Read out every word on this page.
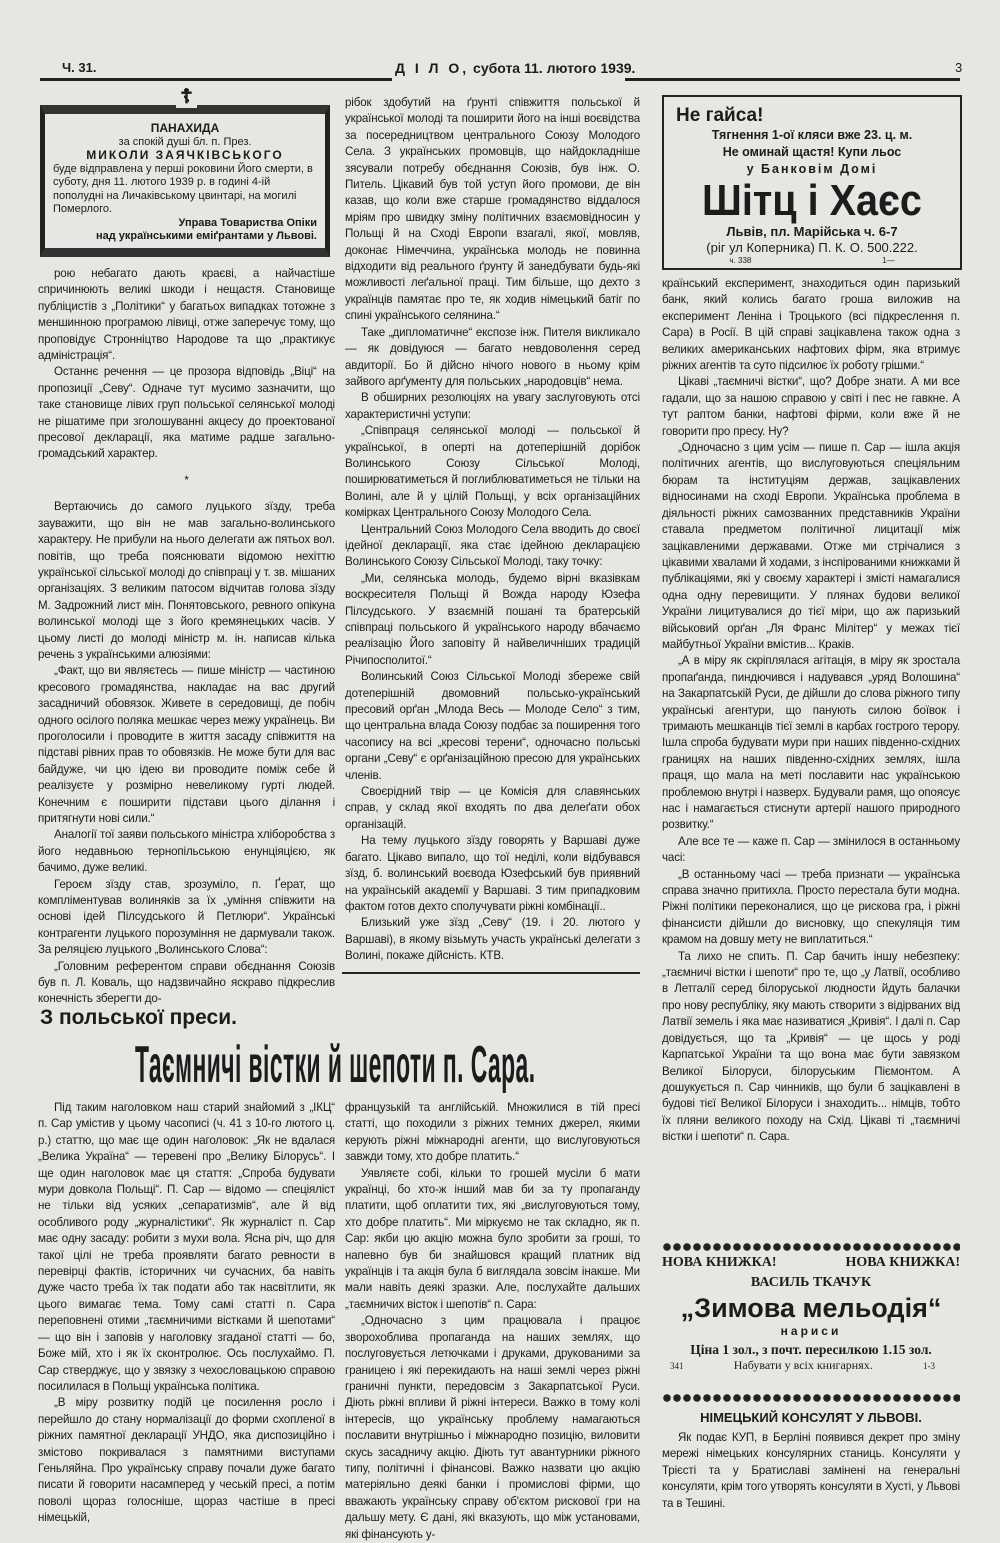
Ч. 31.	Д І Л О, субота 11. лютого 1939.	3
ПАНАХИДА
за спокій душі бл. п. През.
МИКОЛИ ЗАЯЧКІВСЬКОГО
буде відправлена у перші роковини Його смерти, в суботу, дня 11. лютого 1939 р. в годині 4-ій пополудні на Личаківському цвинтарі, на могилі Померлого.
Управа Товариства Опіки
над українськими еміґрантами у Львові.
☦

рою небагато дають краєві, а найчастіше спричинюють великі шкоди і нещастя. Становище публіцистів з „Політики“ у багатьох випадках тотожне з меншинною програмою лівиці, отже заперечує тому, що проповідує Стронніцтво Народове та що „практикує адміністрація“.

Останнє речення — це прозора відповідь „Віці“ на пропозиції „Севу“. Одначе тут мусимо зазначити, що таке становище лівих груп польської селянської молоді не рішатиме при зголошуванні акцесу до проектованої пресової декларації, яка матиме радше загально-громадський характер.

*

Вертаючись до самого луцького зїзду, треба зауважити, що він не мав загально-волинського характеру. Не прибули на нього делегати аж пятьох вол. повітів, що треба пояснювати відомою нехіттю української сільської молоді до співпраці у т. зв. мішаних організаціях. З великим патосом відчитав голова зїзду М. Задрожний лист мін. Понятовського, ревного опікуна волинської молоді ще з його кремянецьких часів. У цьому листі до молоді міністр м. ін. написав кілька речень з українськими алюзіями:

„Факт, що ви являєтесь — пише міністр — частиною кресового громадянства, накладає на вас другий засадничий обовязок. Живете в середовищі, де побіч одного осілого поляка мешкає через межу українець. Ви проголосили і проводите в життя засаду співжиття на підставі рівних прав то обовязків. Не може бути для вас байдуже, чи цю ідею ви проводите поміж себе й реалізуєте у розмірно невеликому гурті людей. Конечним є поширити підстави цього ділання і притягнути нові сили.“

Аналогії тої заяви польського міністра хліборобства з його недавньою тернопільською енунціяцією, як бачимо, дуже великі.

Героєм зїзду став, зрозуміло, п. Ґерат, що компліментував волиняків за їх „уміння співжити на основі ідей Пілсудського й Петлюри“. Українські контрагенти луцького порозуміння не дармували також. За реляцією луцького „Волинського Слова“:

„Головним референтом справи обєднання Союзів був п. Л. Коваль, що надзвичайно яскраво підкреслив конечність зберегти до-

рібок здобутий на ґрунті співжиття польської й української молоді та поширити його на інші воєвідства за посередництвом центрального Союзу Молодого Села. З українських промовців, що найдокладніше зясували потребу обєднання Союзів, був інж. О. Питель. Цікавий був той уступ його промови, де він казав, що коли вже старше громадянство віддалося мріям про швидку зміну політичних взаємовідносин у Польщі й на Сході Европи взагалі, якої, мовляв, доконає Німеччина, українська молодь не повинна відходити від реального ґрунту й занедбувати будь-які можливості леґальної праці. Тим більше, що дехто з українців памятає про те, як ходив німецький батіг по спині українського селянина.“

Таке „дипломатичне“ експозе інж. Пителя викликало — як довідуюся — багато невдоволення серед авдиторії. Бо й дійсно нічого нового в ньому крім зайвого арґументу для польських „народовців“ нема.

В обширних резолюціях на увагу заслуговують отсі характеристичні уступи:

„Співпраця селянської молоді — польської й української, в оперті на дотеперішній дорібок Волинського Союзу Сільської Молоді, поширюватиметься й поглиблюватиметься не тільки на Волині, але й у цілій Польщі, у всіх організаційних комірках Центрального Союзу Молодого Села.

Центральний Союз Молодого Села вводить до своєї ідейної декларації, яка стає ідейною декларацією Волинського Союзу Сільської Молоді, таку точку:

„Ми, селянська молодь, будемо вірні вказівкам воскресителя Польщі й Вожда народу Юзефа Пілсудського. У взаємній пошані та братерській співпраці польського й українського народу вбачаємо реалізацію Його заповіту й найвеличніших традицій Річипосполитої.“

Волинський Союз Сільської Молоді збереже свій дотеперішній двомовний польсько-український пресовий орґан „Млода Весь — Молоде Село“ з тим, що центральна влада Союзу подбає за поширення того часопису на всі „кресові терени“, одночасно польські органи „Севу“ є орґанізаційною пресою для українських членів.

Своєрідний твір — це Комісія для славянських справ, у склад якої входять по два делеґати обох організацій.

На тему луцького зїзду говорять у Варшаві дуже багато. Цікаво випало, що тої неділі, коли відбувався зїзд, б. волинський воєвода Юзефський був приявний на українській академії у Варшаві. З тим припадковим фактом готов дехто сполучувати ріжні комбінації..

Близький уже зїзд „Севу“ (19. і 20. лютого у Варшаві), в якому візьмуть участь українські делегати з Волині, покаже дійсність. КТВ.

Не гайса!
Тягнення 1-ої кляси вже 23. ц. м.
Не оминай щастя! Купи льос
у Банковім Домі
Шітц і Хаєс
Львів, пл. Марійська ч. 6-7
(ріг ул Коперника) П. К. О. 500.222.
ч. 338	1—

країнський експеримент, знаходиться один паризький банк, який колись багато гроша виложив на експеримент Леніна і Троцького (всі підкреслення п. Сара) в Росії. В цій справі зацікавлена також одна з великих американських нафтових фірм, яка втримує ріжних агентів та суто підсилює їх роботу грішми.“

Цікаві „таємничі вістки“, що? Добре знати. А ми все гадали, що за нашою справою у світі і пес не гавкне. А тут раптом банки, нафтові фірми, коли вже й не говорити про пресу. Ну?

„Одночасно з цим усім — пише п. Сар — ішла акція політичних агентів, що вислуговуються спеціяльним бюрам та інституціям держав, зацікавлених відносинами на сході Европи. Українська проблема в діяльності ріжних самозванних представників України ставала предметом політичної лицитації між зацікавленими державами. Отже ми стрічалися з цікавими хвалами й ходами, з інспірованими книжками й публікаціями, які у своєму характері і змісті намагалися одна одну перевищити. У плянах будови великої України лицитувалися до тієї міри, що аж паризький військовий орґан „Ля Франс Мілітер“ у межах тієї майбутньої України вмістив... Краків.

„А в міру як скріплялася агітація, в міру як зростала пропаґанда, пиндючився і надувався „уряд Волошина“ на Закарпатській Руси, де дійшли до слова ріжного типу українські агентури, що панують силою боївок і тримають мешканців тієї землі в карбах гострого терору. Ішла спроба будувати мури при наших південно-східних границях на наших південно-східних землях, ішла праця, що мала на меті пославити нас українською проблемою внутрі і назверх. Будували рамя, що опоясує нас і намагається стиснути артерії нашого природного розвитку.“

Але все те — каже п. Сар — змінилося в останньому часі:

„В останньому часі — треба признати — українська справа значно притихла. Просто перестала бути модна. Ріжні політики переконалися, що це рискова гра, і ріжні фінансисти дійшли до висновку, що спекуляція тим крамом на довшу мету не виплатиться.“

Та лихо не спить. П. Сар бачить іншу небезпеку: „таємничі вістки і шепоти“ про те, що „у Латвії, особливо в Летгалії серед білоруської людности йдуть балачки про нову республіку, яку мають створити з відірваних від Латвії земель і яка має називатися „Кривія“. І далі п. Сар довідується, що та „Кривія“ — це щось у роді Карпатської України та що вона має бути завязком Великої Білоруси, білоруським Піємонтом. А дошукується п. Сар чинників, що були б зацікавлені в будові тієї Великої Білоруси і знаходить... німців, тобто їх пляни великого походу на Схід. Цікаві ті „таємничі вістки і шепоти“ п. Сара.

НОВА КНИЖКА!	НОВА КНИЖКА!
ВАСИЛЬ ТКАЧУК
„Зимова мельодія“
нариси
Ціна 1 зол., з почт. пересилкою 1.15 зол.
341	Набувати у всіх книгарнях.	1-3
НІМЕЦЬКИЙ КОНСУЛЯТ У ЛЬВОВІ.

Як подає КУП, в Берліні появився декрет про зміну мережі німецьких консулярних станиць. Консуляти у Трієсті та у Братиславі замінені на генеральні консуляти, крім того утворять консуляти в Хусті, у Львові та в Тешині.

З польської преси.
Таємничі вістки й шепоти п. Сара.

Під таким наголовком наш старий знайомий з „ІКЦ“ п. Сар умістив у цьому часописі (ч. 41 з 10-го лютого ц. р.) статтю, що має ще один наголовок: „Як не вдалася „Велика Україна“ — теревені про „Велику Білорусь“. І ще один наголовок має ця стаття: „Спроба будувати мури довкола Польщі“. П. Сар — відомо — спеціяліст не тільки від усяких „сепаратизмів“, але й від особливого роду „журналістики“. Як журналіст п. Сар має одну засаду: робити з мухи вола. Ясна річ, що для такої цілі не треба проявляти багато ревности в перевірці фактів, історичних чи сучасних, ба навіть дуже часто треба їх так подати або так насвітлити, як цього вимагає тема. Тому самі статті п. Сара переповнені отими „таємничими вістками й шепотами“ — що він і заповів у наголовку згаданої статті — бо, Боже мій, хто і як їх сконтролює. Ось послухаймо. П. Сар стверджує, що у звязку з чехословацькою справою посилилася в Польщі українська політика.

„В міру розвитку подій це посилення росло і перейшло до стану нормалізації до форми схопленої в ріжних памятної декларації УНДО, яка диспозиційно і змістово покривалася з памятними виступами Геньляйна. Про українську справу почали дуже багато писати й говорити насамперед у чеській пресі, а потім поволі щораз голосніше, щораз частіше в пресі німецькій,

французькій та англійській. Множилися в тій пресі статті, що походили з ріжних темних джерел, якими керують ріжні міжнародні агенти, що вислуговуються завжди тому, хто добре платить.“

Уявляєте собі, кільки то грошей мусіли б мати українці, бо хто-ж інший мав би за ту пропаганду платити, щоб оплатити тих, які „вислуговуються тому, хто добре платить“. Ми міркуємо не так складно, як п. Сар: якби цю акцію можна було зробити за гроші, то напевно був би знайшовся кращий платник від українців і та акція була б виглядала зовсім інакше. Ми мали навіть деякі зразки. Але, послухайте дальших „таємничих вісток і шепотів“ п. Сара:

„Одночасно з цим працювала і працює зворохоблива пропаганда на наших землях, що послуговується летючками і друками, друкованими за границею і які перекидають на наші землі через ріжні граничні пункти, передовсім з Закарпатської Руси. Діють ріжні впливи й ріжні інтереси. Важко в тому колі інтересів, що українську проблему намагаються пославити внутрішньо і міжнародно позицію, виловити скусь засадничу акцію. Діють тут авантурники ріжного типу, політичні і фінансові. Важко назвати цю акцію матеріяльно деякі банки і промислові фірми, що вважають українську справу об'єктом рискової гри на дальшу мету. Є дані, які вказують, що між установами, які фінансують у-
